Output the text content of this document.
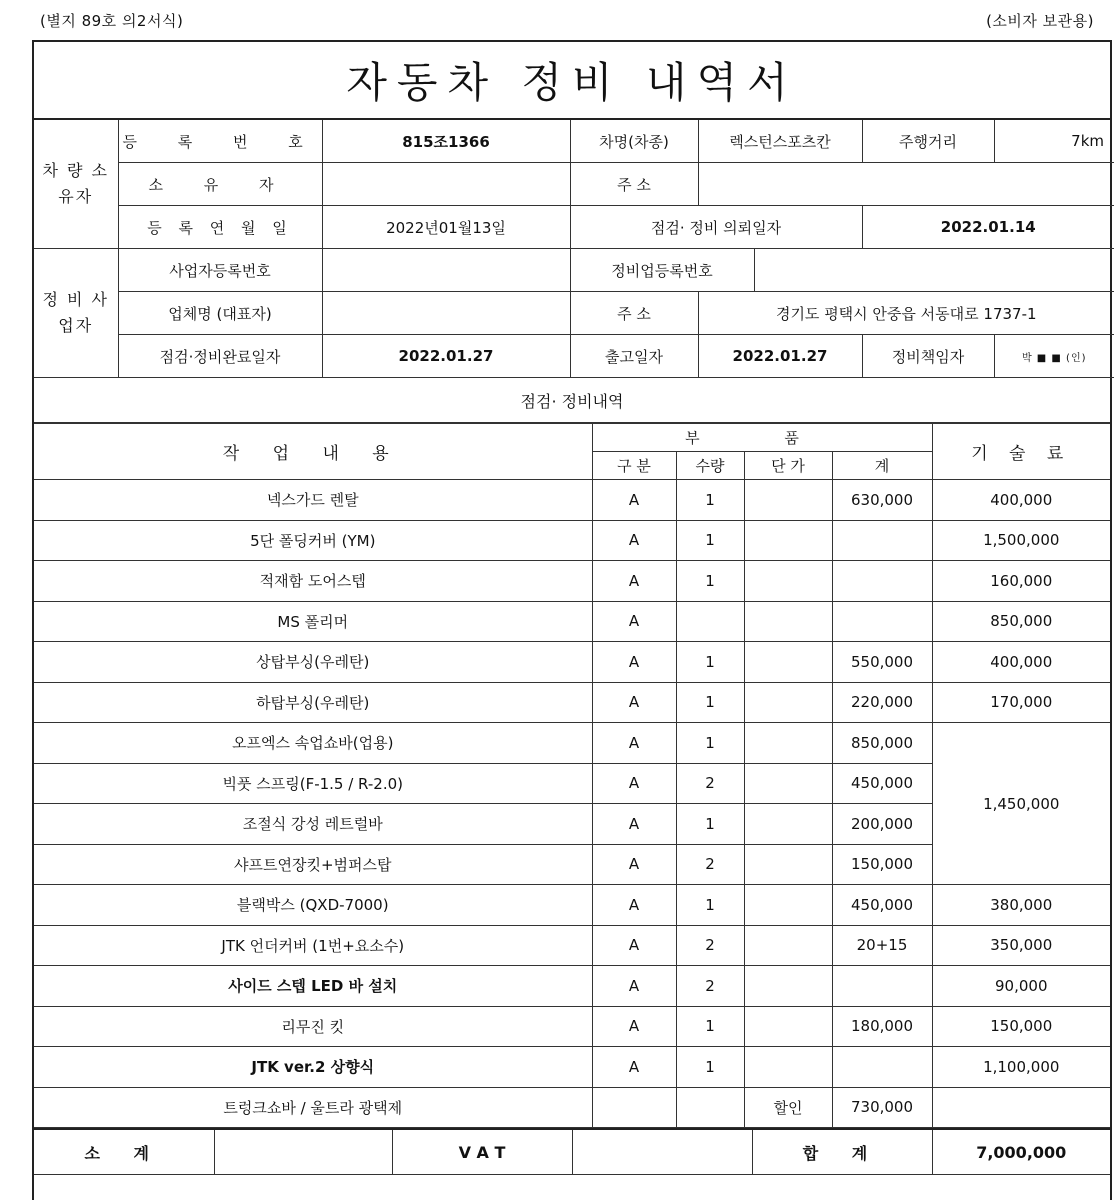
(별지 89호 의2서식)	(소비자 보관용)
자동차 정비 내역서
차 량 소유자	등 록 번 호	815조1366	차명(차종)	렉스턴스포츠칸		주행거리	7km
	소 유 자		주 소				
	등 록 연 월 일	2022년01월13일	점검· 정비 의뢰일자			2022.01.14	
정 비 사업자	사업자등록번호		정비업등록번호				
	업체명 (대표자)		주 소	경기도 평택시 안중읍 서동대로 1737-1			
	점검·정비완료일자	2022.01.27	출고일자	2022.01.27		정비책임자	박 ■ ■ (인)
점검· 정비내역
작 업 내 용	부 품				기 술 료
	구 분	수량	단 가	계	
넥스가드 렌탈	A	1		630,000	400,000
5단 폴딩커버 (YM)	A	1			1,500,000
적재함 도어스텝	A	1			160,000
MS 폴리머	A				850,000
상탑부싱(우레탄)	A	1		550,000	400,000
하탑부싱(우레탄)	A	1		220,000	170,000
오프엑스 속업쇼바(업용)	A	1		850,000	1,450,000
빅풋 스프링(F-1.5 / R-2.0)	A	2		450,000	
조절식 강성 레트럴바	A	1		200,000	
샤프트연장킷+범퍼스탑	A	2		150,000	
블랙박스 (QXD-7000)	A	1		450,000	380,000
JTK 언더커버 (1번+요소수)	A	2		20+15	350,000
사이드 스텝 LED 바 설치	A	2			90,000
리무진 킷	A	1		180,000	150,000
JTK ver.2 상향식	A	1			1,100,000
트렁크쇼바 / 울트라 광택제			할인	730,000	
소 계		V A T		합 계	7,000,000
